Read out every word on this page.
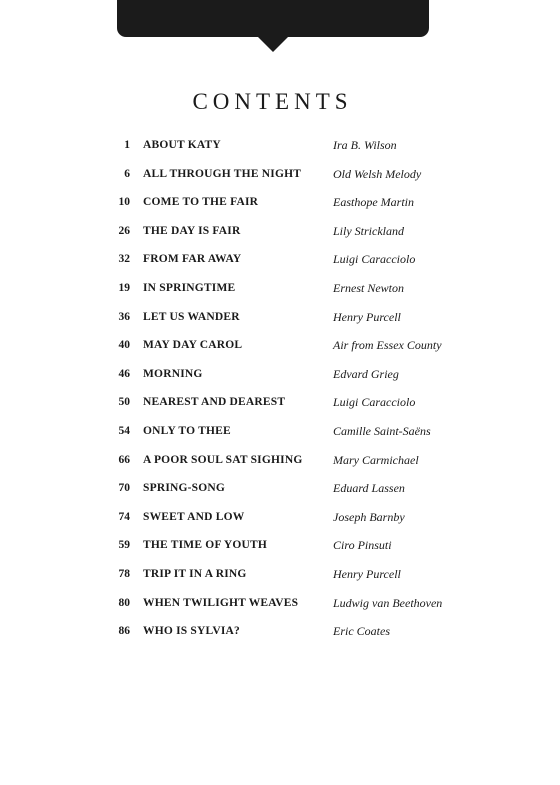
CONTENTS
1 ABOUT KATY	Ira B. Wilson
6 ALL THROUGH THE NIGHT	Old Welsh Melody
10 COME TO THE FAIR	Easthope Martin
26 THE DAY IS FAIR	Lily Strickland
32 FROM FAR AWAY	Luigi Caracciolo
19 IN SPRINGTIME	Ernest Newton
36 LET US WANDER	Henry Purcell
40 MAY DAY CAROL	Air from Essex County
46 MORNING	Edvard Grieg
50 NEAREST AND DEAREST	Luigi Caracciolo
54 ONLY TO THEE	Camille Saint-Saëns
66 A POOR SOUL SAT SIGHING	Mary Carmichael
70 SPRING-SONG	Eduard Lassen
74 SWEET AND LOW	Joseph Barnby
59 THE TIME OF YOUTH	Ciro Pinsuti
78 TRIP IT IN A RING	Henry Purcell
80 WHEN TWILIGHT WEAVES	Ludwig van Beethoven
86 WHO IS SYLVIA?	Eric Coates
